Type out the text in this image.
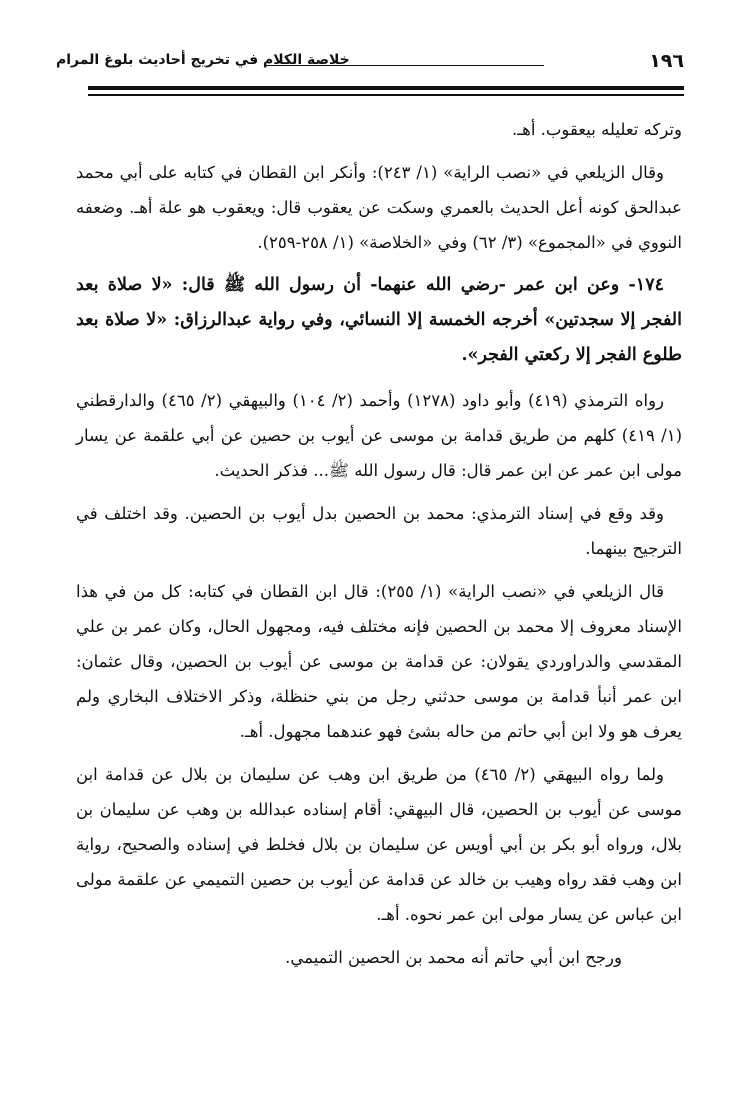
١٩٦
خلاصة الكلام في تخريج أحاديث بلوغ المرام

وتركه تعليله بيعقوب. أهـ.

وقال الزيلعي في «نصب الراية» (١/ ٢٤٣): وأنكر ابن القطان في كتابه على أبي محمد عبدالحق كونه أعل الحديث بالعمري وسكت عن يعقوب قال: ويعقوب هو علة أهـ. وضعفه النووي في «المجموع» (٣/ ٦٢) وفي «الخلاصة» (١/ ٢٥٨-٢٥٩).

١٧٤- وعن ابن عمر -رضي الله عنهما- أن رسول الله ﷺ قال: «لا صلاة بعد الفجر إلا سجدتين» أخرجه الخمسة إلا النسائي، وفي رواية عبدالرزاق: «لا صلاة بعد طلوع الفجر إلا ركعتي الفجر».

رواه الترمذي (٤١٩) وأبو داود (١٢٧٨) وأحمد (٢/ ١٠٤) والبيهقي (٢/ ٤٦٥) والدارقطني (١/ ٤١٩) كلهم من طريق قدامة بن موسى عن أيوب بن حصين عن أبي علقمة عن يسار مولى ابن عمر عن ابن عمر قال: قال رسول الله ﷺ... فذكر الحديث.

وقد وقع في إسناد الترمذي: محمد بن الحصين بدل أيوب بن الحصين. وقد اختلف في الترجيح بينهما.

قال الزيلعي في «نصب الراية» (١/ ٢٥٥): قال ابن القطان في كتابه: كل من في هذا الإسناد معروف إلا محمد بن الحصين فإنه مختلف فيه، ومجهول الحال، وكان عمر بن علي المقدسي والدراوردي يقولان: عن قدامة بن موسى عن أيوب بن الحصين، وقال عثمان: ابن عمر أنبأ قدامة بن موسى حدثني رجل من بني حنظلة، وذكر الاختلاف البخاري ولم يعرف هو ولا ابن أبي حاتم من حاله بشئ فهو عندهما مجهول. أهـ.

ولما رواه البيهقي (٢/ ٤٦٥) من طريق ابن وهب عن سليمان بن بلال عن قدامة ابن موسى عن أيوب بن الحصين، قال البيهقي: أقام إسناده عبدالله بن وهب عن سليمان بن بلال، ورواه أبو بكر بن أبي أويس عن سليمان بن بلال فخلط في إسناده والصحيح، رواية ابن وهب فقد رواه وهيب بن خالد عن قدامة عن أيوب بن حصين التميمي عن علقمة مولى ابن عباس عن يسار مولى ابن عمر نحوه. أهـ.

ورجح ابن أبي حاتم أنه محمد بن الحصين التميمي.
